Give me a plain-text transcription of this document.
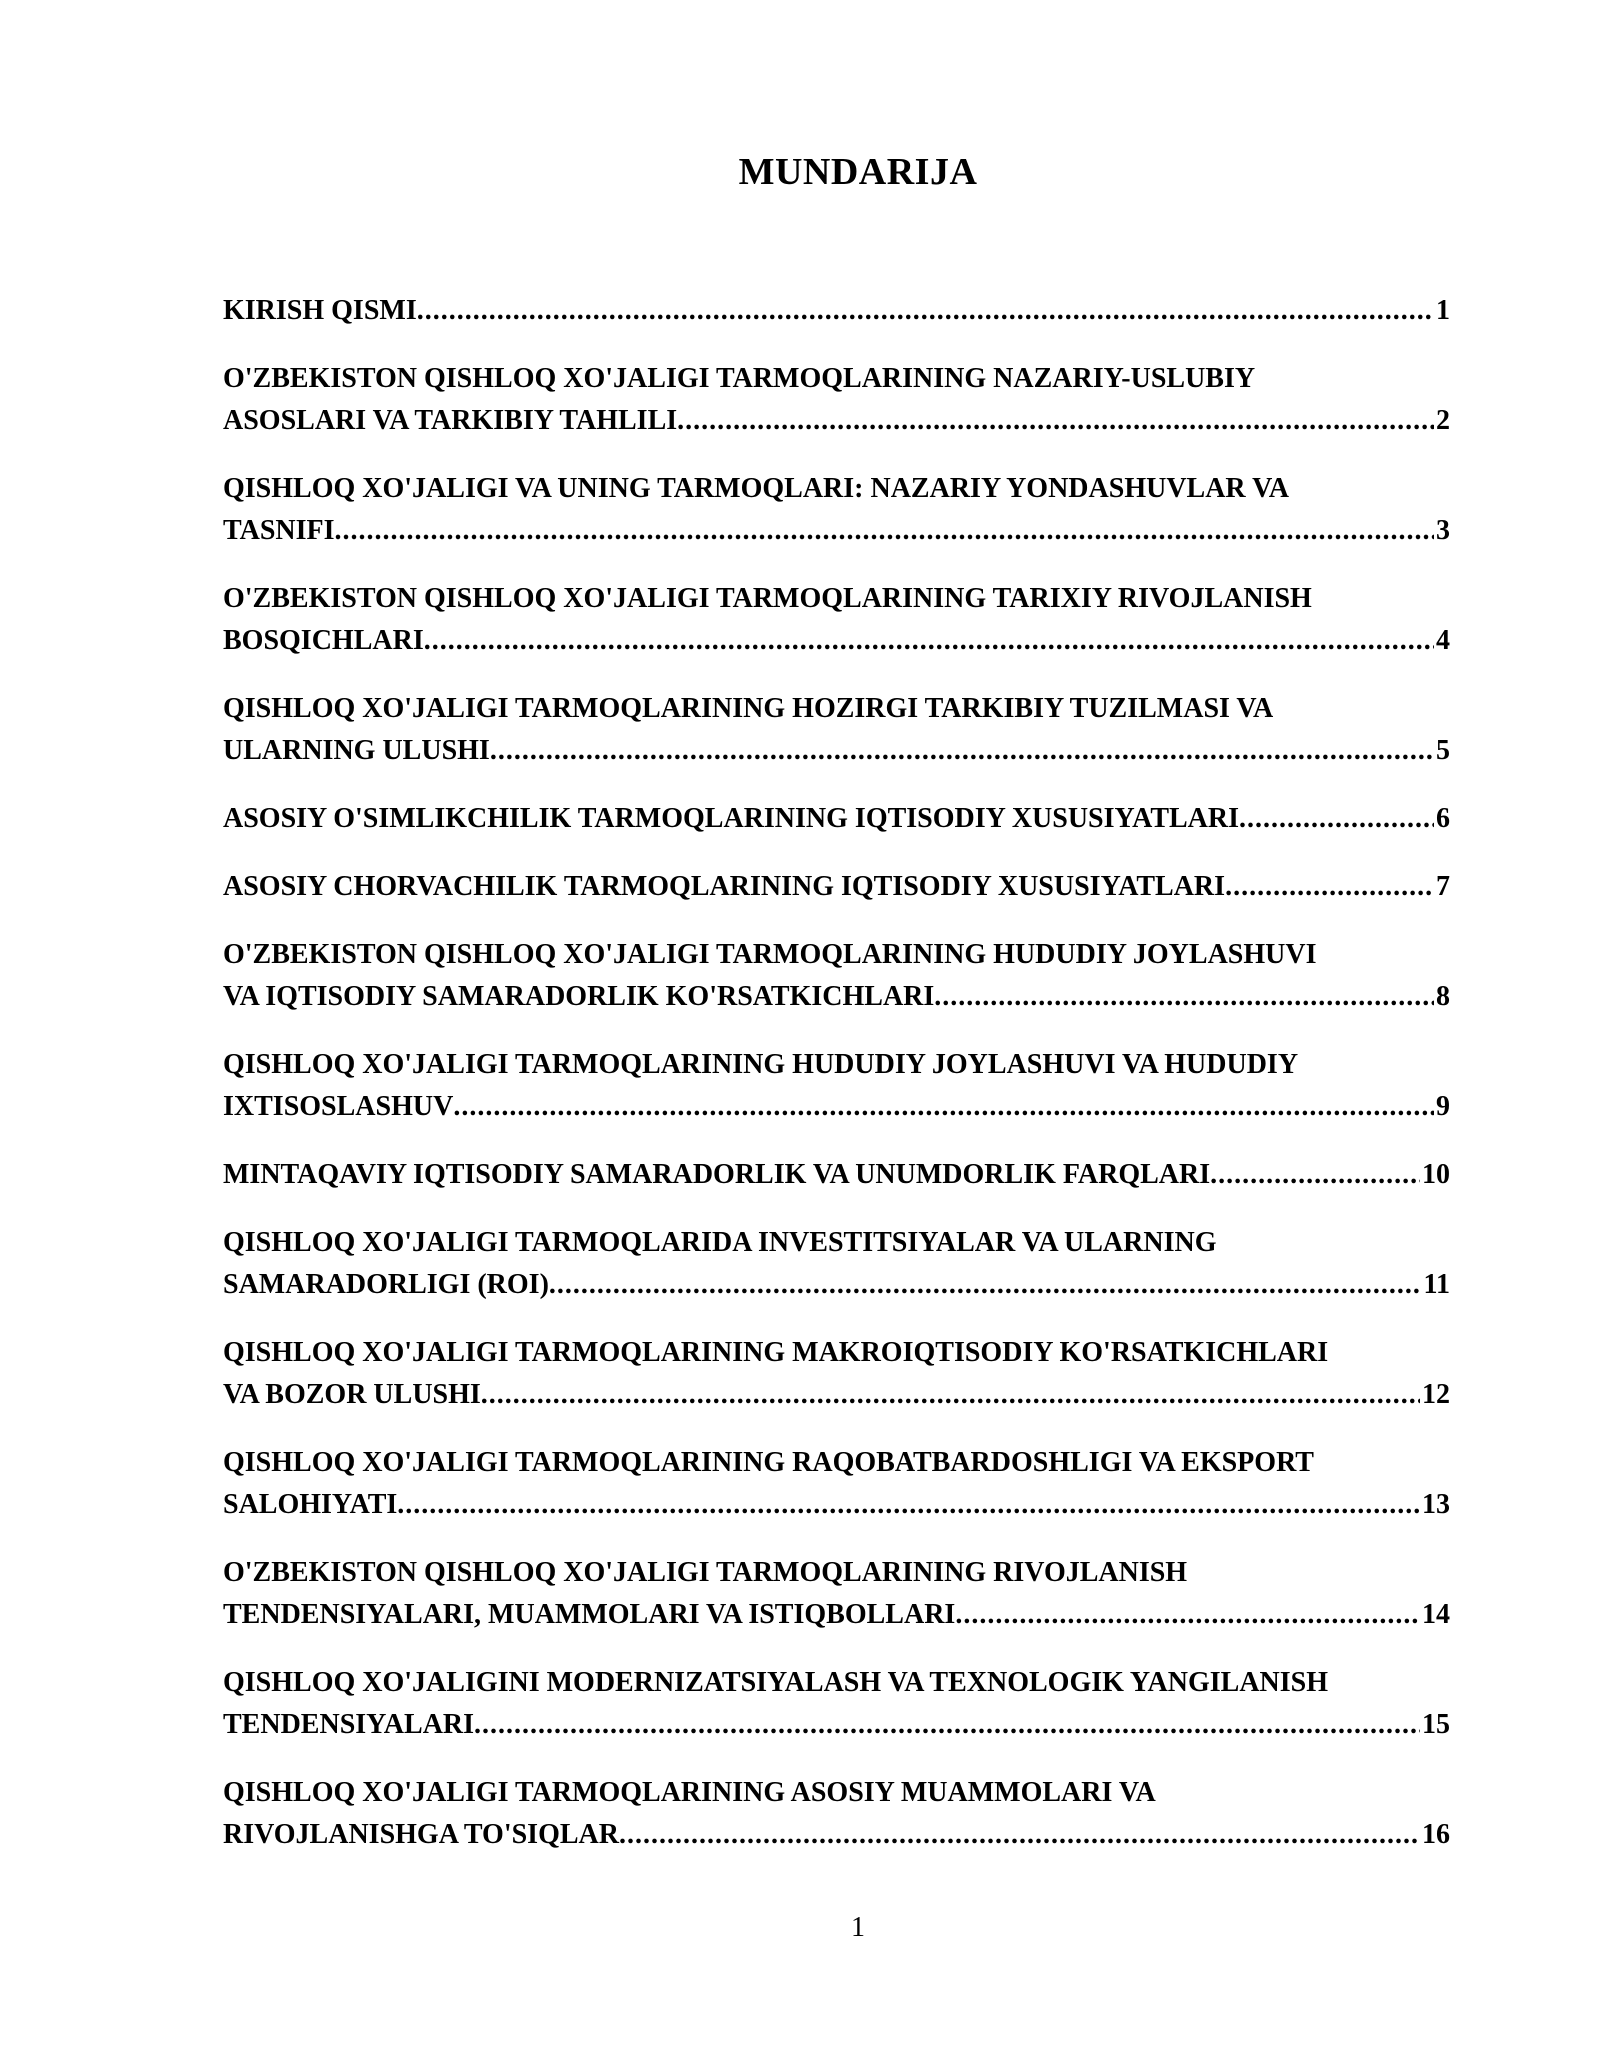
MUNDARIJA
KIRISH QISMI .....	1
O'ZBEKISTON QISHLOQ XO'JALIGI TARMOQLARINING NAZARIY-USLUBIY
ASOSLARI VA TARKIBIY TAHLILI .....	2
QISHLOQ XO'JALIGI VA UNING TARMOQLARI: NAZARIY YONDASHUVLAR VA
TASNIFI .....	3
O'ZBEKISTON QISHLOQ XO'JALIGI TARMOQLARINING TARIXIY RIVOJLANISH
BOSQICHLARI .....	4
QISHLOQ XO'JALIGI TARMOQLARINING HOZIRGI TARKIBIY TUZILMASI VA
ULARNING ULUSHI .....	5
ASOSIY O'SIMLIKCHILIK TARMOQLARINING IQTISODIY XUSUSIYATLARI .....	6
ASOSIY CHORVACHILIK TARMOQLARINING IQTISODIY XUSUSIYATLARI .....	7
O'ZBEKISTON QISHLOQ XO'JALIGI TARMOQLARINING HUDUDIY JOYLASHUVI
VA IQTISODIY SAMARADORLIK KO'RSATKICHLARI .....	8
QISHLOQ XO'JALIGI TARMOQLARINING HUDUDIY JOYLASHUVI VA HUDUDIY
IXTISOSLASHUV .....	9
MINTAQAVIY IQTISODIY SAMARADORLIK VA UNUMDORLIK FARQLARI .....	10
QISHLOQ XO'JALIGI TARMOQLARIDA INVESTITSIYALAR VA ULARNING
SAMARADORLIGI (ROI) .....	11
QISHLOQ XO'JALIGI TARMOQLARINING MAKROIQTISODIY KO'RSATKICHLARI
VA BOZOR ULUSHI .....	12
QISHLOQ XO'JALIGI TARMOQLARINING RAQOBATBARDOSHLIGI VA EKSPORT
SALOHIYATI .....	13
O'ZBEKISTON QISHLOQ XO'JALIGI TARMOQLARINING RIVOJLANISH
TENDENSIYALARI, MUAMMOLARI VA ISTIQBOLLARI .....	14
QISHLOQ XO'JALIGINI MODERNIZATSIYALASH VA TEXNOLOGIK YANGILANISH
TENDENSIYALARI .....	15
QISHLOQ XO'JALIGI TARMOQLARINING ASOSIY MUAMMOLARI VA
RIVOJLANISHGA TO'SIQLAR .....	16
1
